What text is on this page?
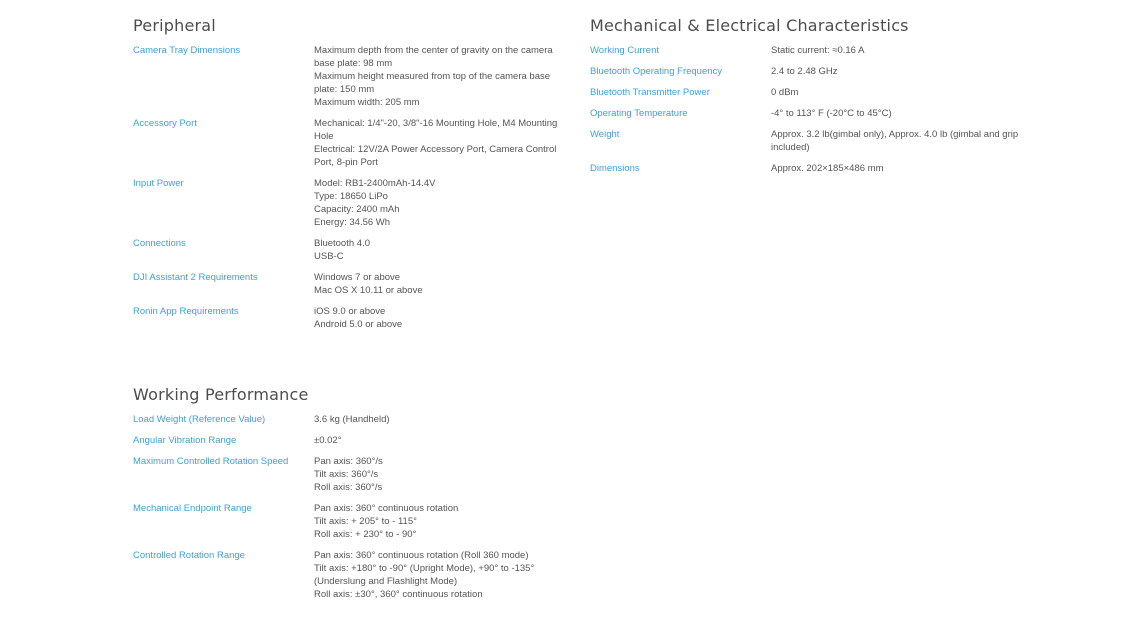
Peripheral
Camera Tray Dimensions	Maximum depth from the center of gravity on the camera
base plate: 98 mm
Maximum height measured from top of the camera base
plate: 150 mm
Maximum width: 205 mm
Accessory Port	Mechanical: 1/4"-20, 3/8"-16 Mounting Hole, M4 Mounting
Hole
Electrical: 12V/2A Power Accessory Port, Camera Control
Port, 8-pin Port
Input Power	Model: RB1-2400mAh-14.4V
Type: 18650 LiPo
Capacity: 2400 mAh
Energy: 34.56 Wh
Connections	Bluetooth 4.0
USB-C
DJI Assistant 2 Requirements	Windows 7 or above
Mac OS X 10.11 or above
Ronin App Requirements	iOS 9.0 or above
Android 5.0 or above
Mechanical & Electrical Characteristics
Working Current	Static current: ≈0.16 A
Bluetooth Operating Frequency	2.4 to 2.48 GHz
Bluetooth Transmitter Power	0 dBm
Operating Temperature	-4° to 113° F (-20°C to 45°C)
Weight	Approx. 3.2 lb(gimbal only), Approx. 4.0 lb (gimbal and grip
included)
Dimensions	Approx. 202×185×486 mm
Working Performance
Load Weight (Reference Value)	3.6 kg (Handheld)
Angular Vibration Range	±0.02°
Maximum Controlled Rotation Speed	Pan axis: 360°/s
Tilt axis: 360°/s
Roll axis: 360°/s
Mechanical Endpoint Range	Pan axis: 360° continuous rotation
Tilt axis: + 205° to - 115°
Roll axis: + 230° to - 90°
Controlled Rotation Range	Pan axis: 360° continuous rotation (Roll 360 mode)
Tilt axis: +180° to -90° (Upright Mode), +90° to -135°
(Underslung and Flashlight Mode)
Roll axis: ±30°, 360° continuous rotation
